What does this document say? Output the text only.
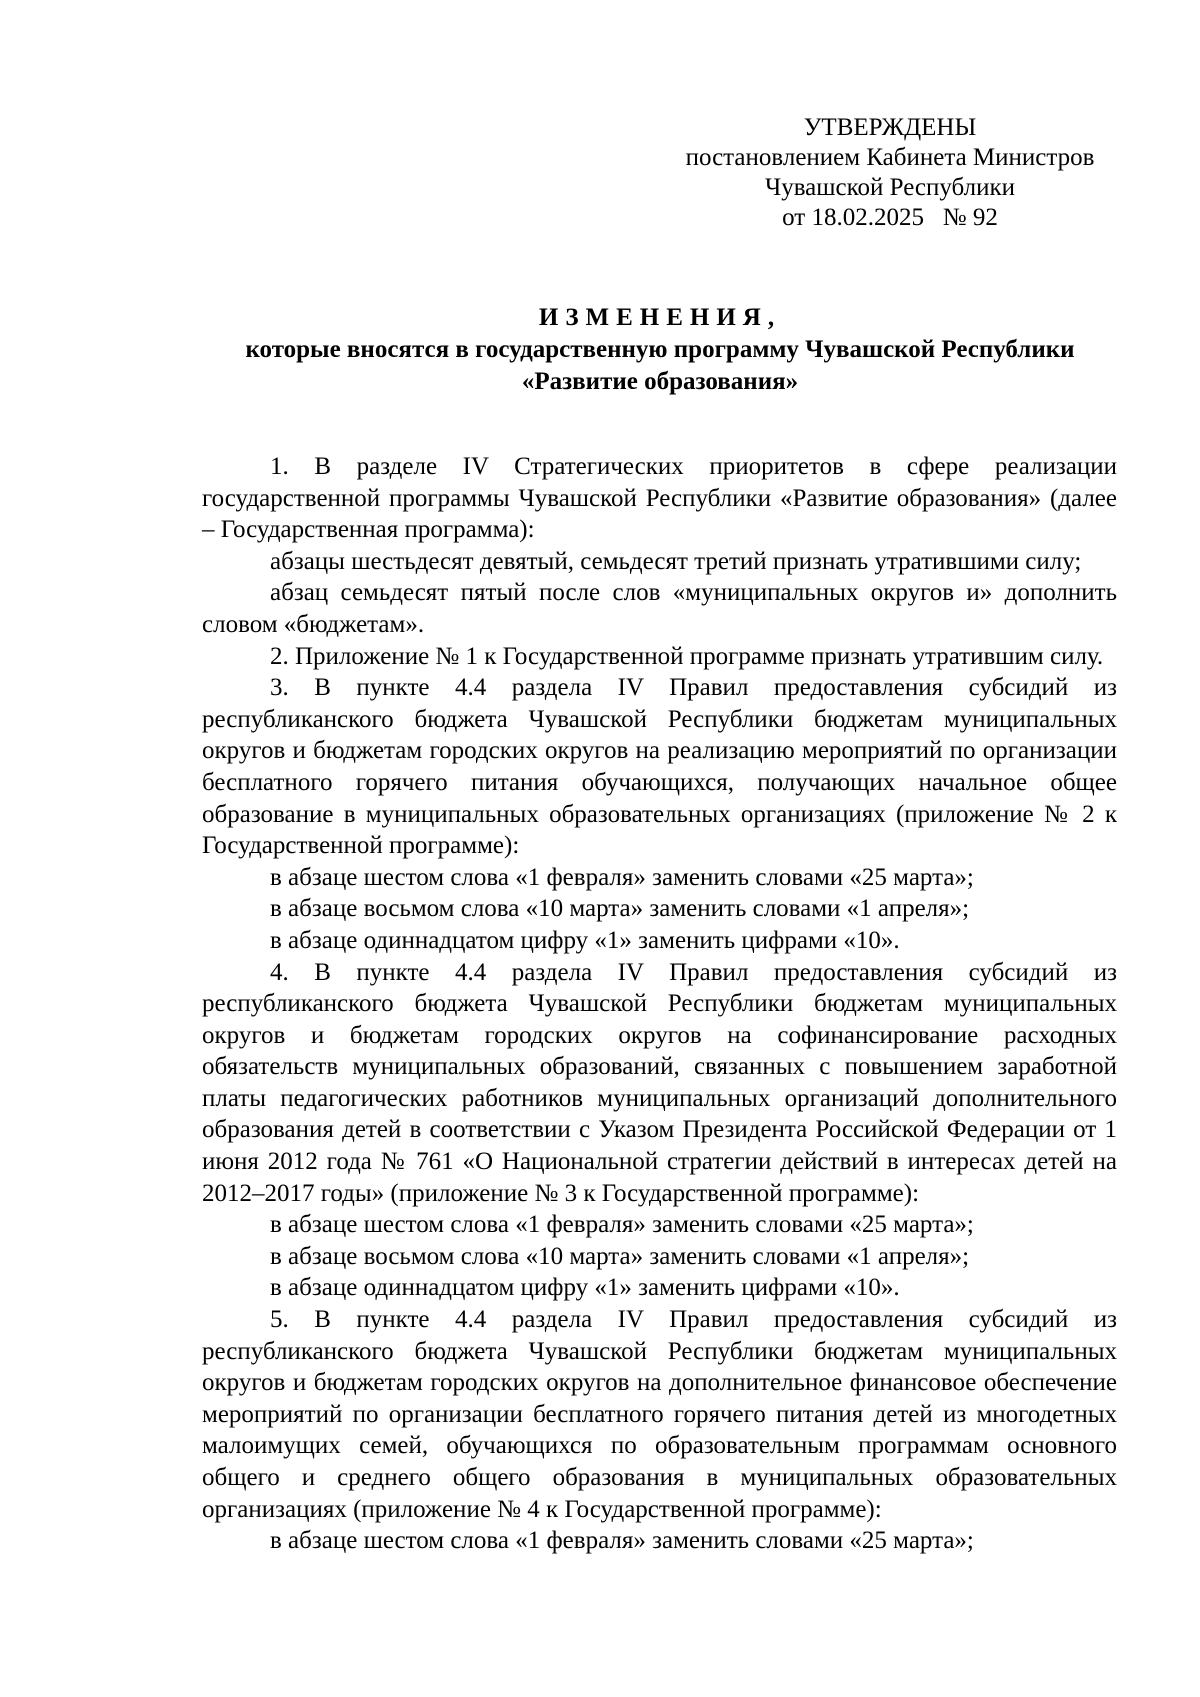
УТВЕРЖДЕНЫ
постановлением Кабинета Министров
Чувашской Республики
от 18.02.2025   № 92
ИЗМЕНЕНИЯ,
которые вносятся в государственную программу Чувашской Республики
«Развитие образования»

1. В разделе IV Стратегических приоритетов в сфере реализации государственной программы Чувашской Республики «Развитие образования» (далее – Государственная программа):

абзацы шестьдесят девятый, семьдесят третий признать утратившими силу;

абзац семьдесят пятый после слов «муниципальных округов и» дополнить словом «бюджетам».

2. Приложение № 1 к Государственной программе признать утратившим силу.

3. В пункте 4.4 раздела IV Правил предоставления субсидий из республиканского бюджета Чувашской Республики бюджетам муниципальных округов и бюджетам городских округов на реализацию мероприятий по организации бесплатного горячего питания обучающихся, получающих начальное общее образование в муниципальных образовательных организациях (приложение № 2 к Государственной программе):

в абзаце шестом слова «1 февраля» заменить словами «25 марта»;

в абзаце восьмом слова «10 марта» заменить словами «1 апреля»;

в абзаце одиннадцатом цифру «1» заменить цифрами «10».

4. В пункте 4.4 раздела IV Правил предоставления субсидий из республиканского бюджета Чувашской Республики бюджетам муниципальных округов и бюджетам городских округов на софинансирование расходных обязательств муниципальных образований, связанных с повышением заработной платы педагогических работников муниципальных организаций дополнительного образования детей в соответствии с Указом Президента Российской Федерации от 1 июня 2012 года № 761 «О Национальной стратегии действий в интересах детей на 2012–2017 годы» (приложение № 3 к Государственной программе):

в абзаце шестом слова «1 февраля» заменить словами «25 марта»;

в абзаце восьмом слова «10 марта» заменить словами «1 апреля»;

в абзаце одиннадцатом цифру «1» заменить цифрами «10».

5. В пункте 4.4 раздела IV Правил предоставления субсидий из республиканского бюджета Чувашской Республики бюджетам муниципальных округов и бюджетам городских округов на дополнительное финансовое обеспечение мероприятий по организации бесплатного горячего питания детей из многодетных малоимущих семей, обучающихся по образовательным программам основного общего и среднего общего образования в муниципальных образовательных организациях (приложение № 4 к Государственной программе):

в абзаце шестом слова «1 февраля» заменить словами «25 марта»;
